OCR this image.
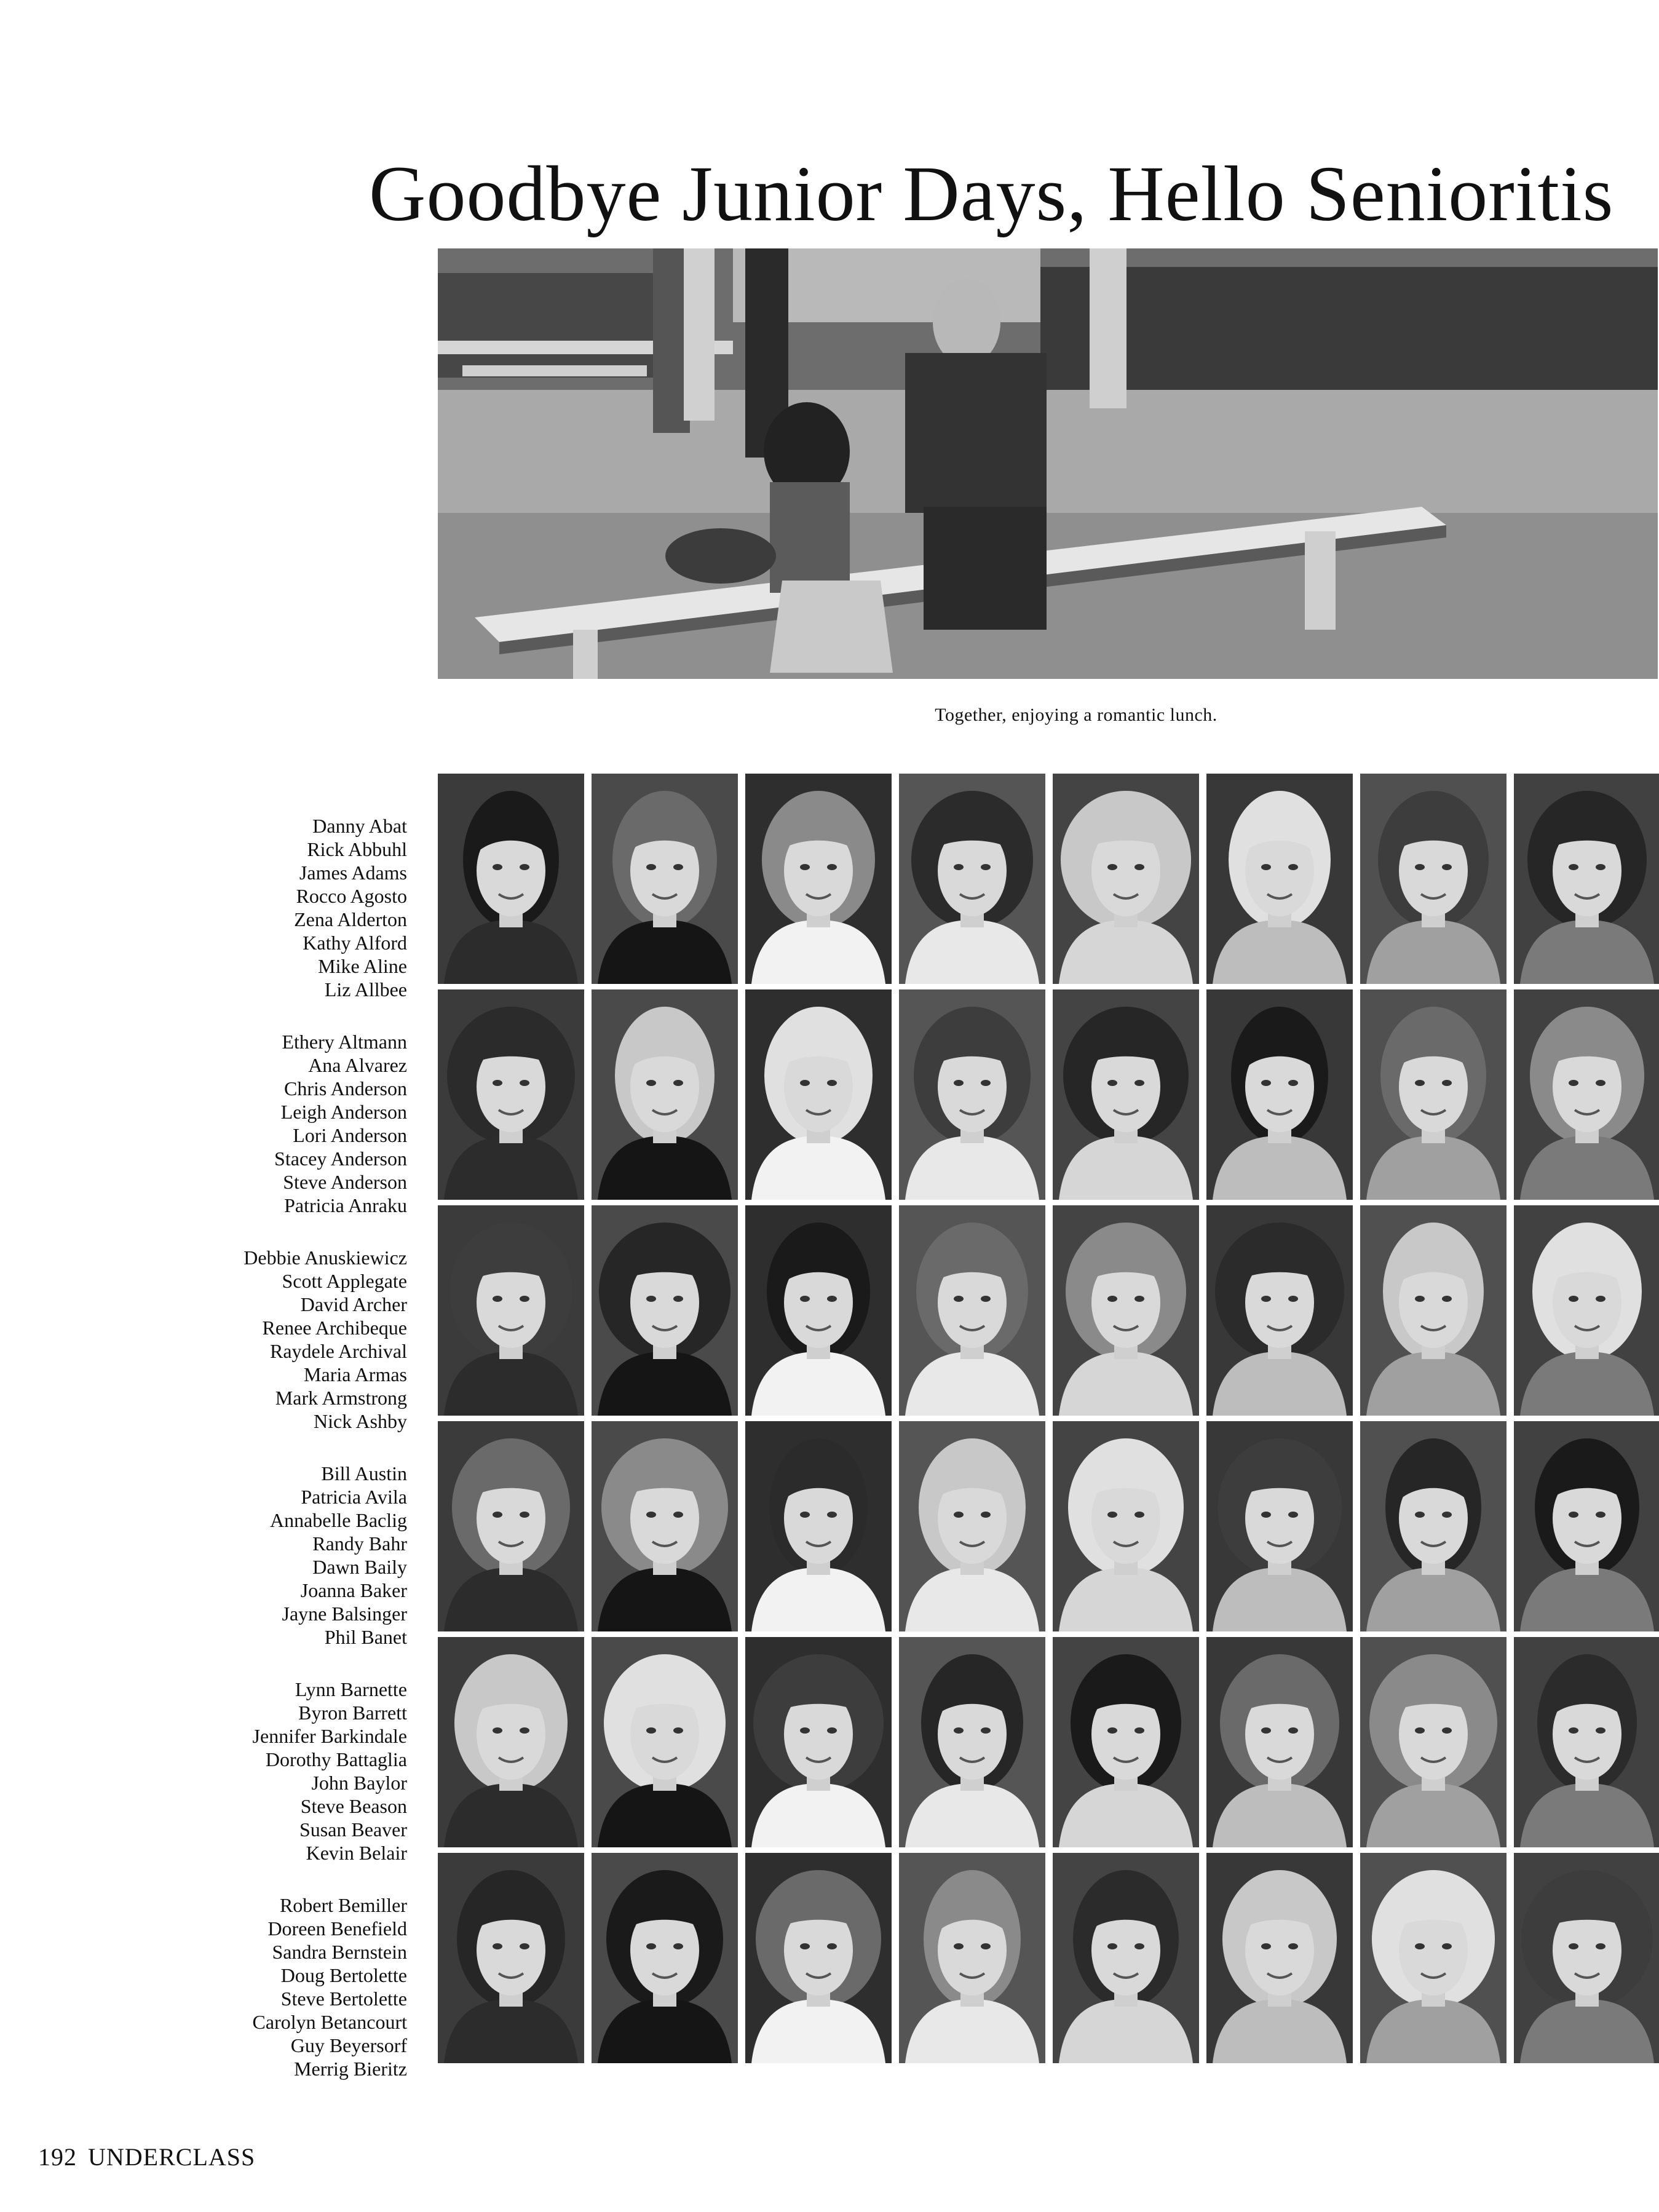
Goodbye Junior Days, Hello Senioritis
Together, enjoying a romantic lunch.
Danny Abat
Rick Abbuhl
James Adams
Rocco Agosto
Zena Alderton
Kathy Alford
Mike Aline
Liz Allbee
Ethery Altmann
Ana Alvarez
Chris Anderson
Leigh Anderson
Lori Anderson
Stacey Anderson
Steve Anderson
Patricia Anraku
Debbie Anuskiewicz
Scott Applegate
David Archer
Renee Archibeque
Raydele Archival
Maria Armas
Mark Armstrong
Nick Ashby
Bill Austin
Patricia Avila
Annabelle Baclig
Randy Bahr
Dawn Baily
Joanna Baker
Jayne Balsinger
Phil Banet
Lynn Barnette
Byron Barrett
Jennifer Barkindale
Dorothy Battaglia
John Baylor
Steve Beason
Susan Beaver
Kevin Belair
Robert Bemiller
Doreen Benefield
Sandra Bernstein
Doug Bertolette
Steve Bertolette
Carolyn Betancourt
Guy Beyersorf
Merrig Bieritz
192 UNDERCLASS
